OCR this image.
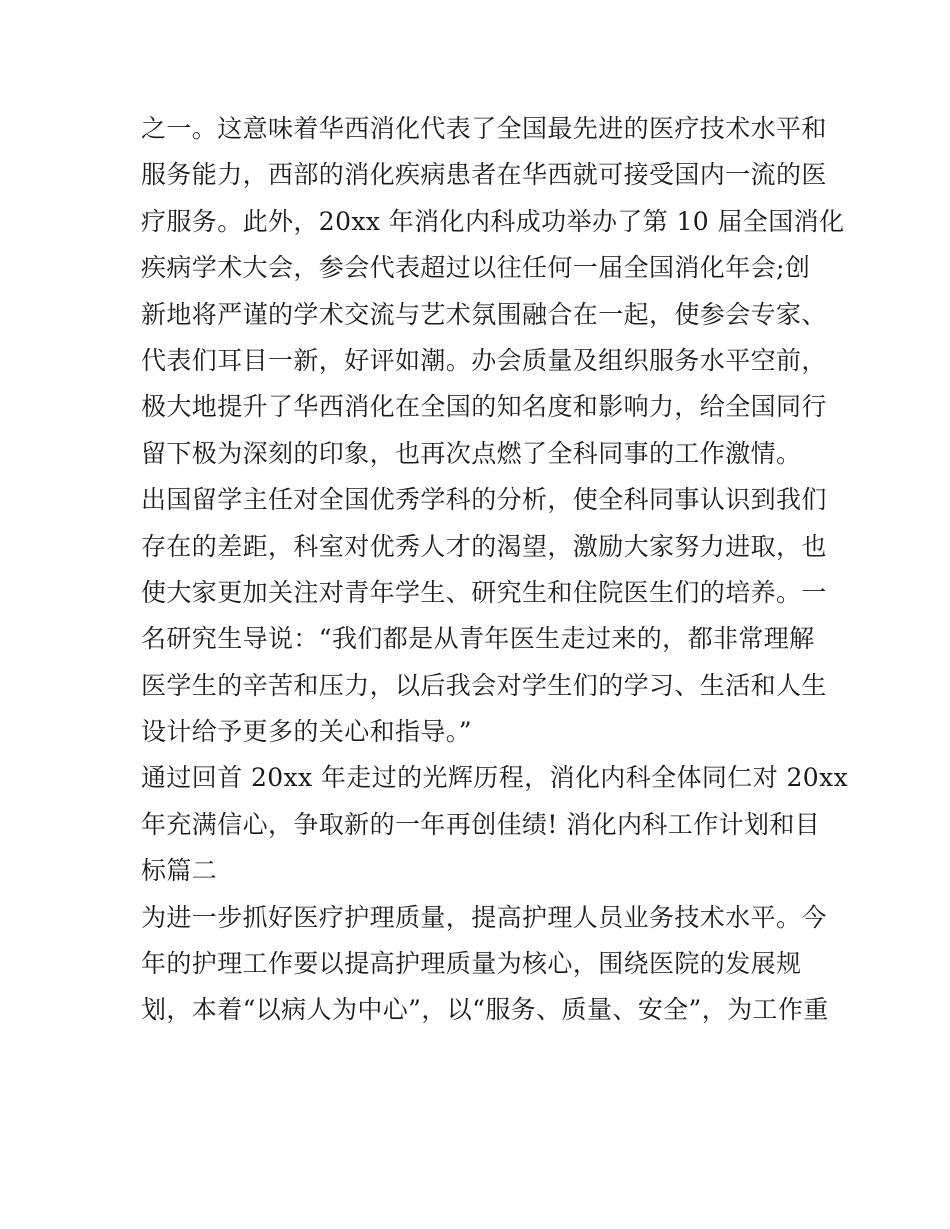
之一。这意味着华西消化代表了全国最先进的医疗技术水平和
服务能力，西部的消化疾病患者在华西就可接受国内一流的医
疗服务。此外，20xx 年消化内科成功举办了第 10 届全国消化
疾病学术大会，参会代表超过以往任何一届全国消化年会;创
新地将严谨的学术交流与艺术氛围融合在一起，使参会专家、
代表们耳目一新，好评如潮。办会质量及组织服务水平空前，
极大地提升了华西消化在全国的知名度和影响力，给全国同行
留下极为深刻的印象，也再次点燃了全科同事的工作激情。
出国留学主任对全国优秀学科的分析，使全科同事认识到我们
存在的差距，科室对优秀人才的渴望，激励大家努力进取，也
使大家更加关注对青年学生、研究生和住院医生们的培养。一
名研究生导说：“我们都是从青年医生走过来的，都非常理解
医学生的辛苦和压力，以后我会对学生们的学习、生活和人生
设计给予更多的关心和指导。”
通过回首 20xx 年走过的光辉历程，消化内科全体同仁对 20xx
年充满信心，争取新的一年再创佳绩! 消化内科工作计划和目
标篇二
为进一步抓好医疗护理质量，提高护理人员业务技术水平。今
年的护理工作要以提高护理质量为核心，围绕医院的发展规
划，本着“以病人为中心”，以“服务、质量、安全”，为工作重
